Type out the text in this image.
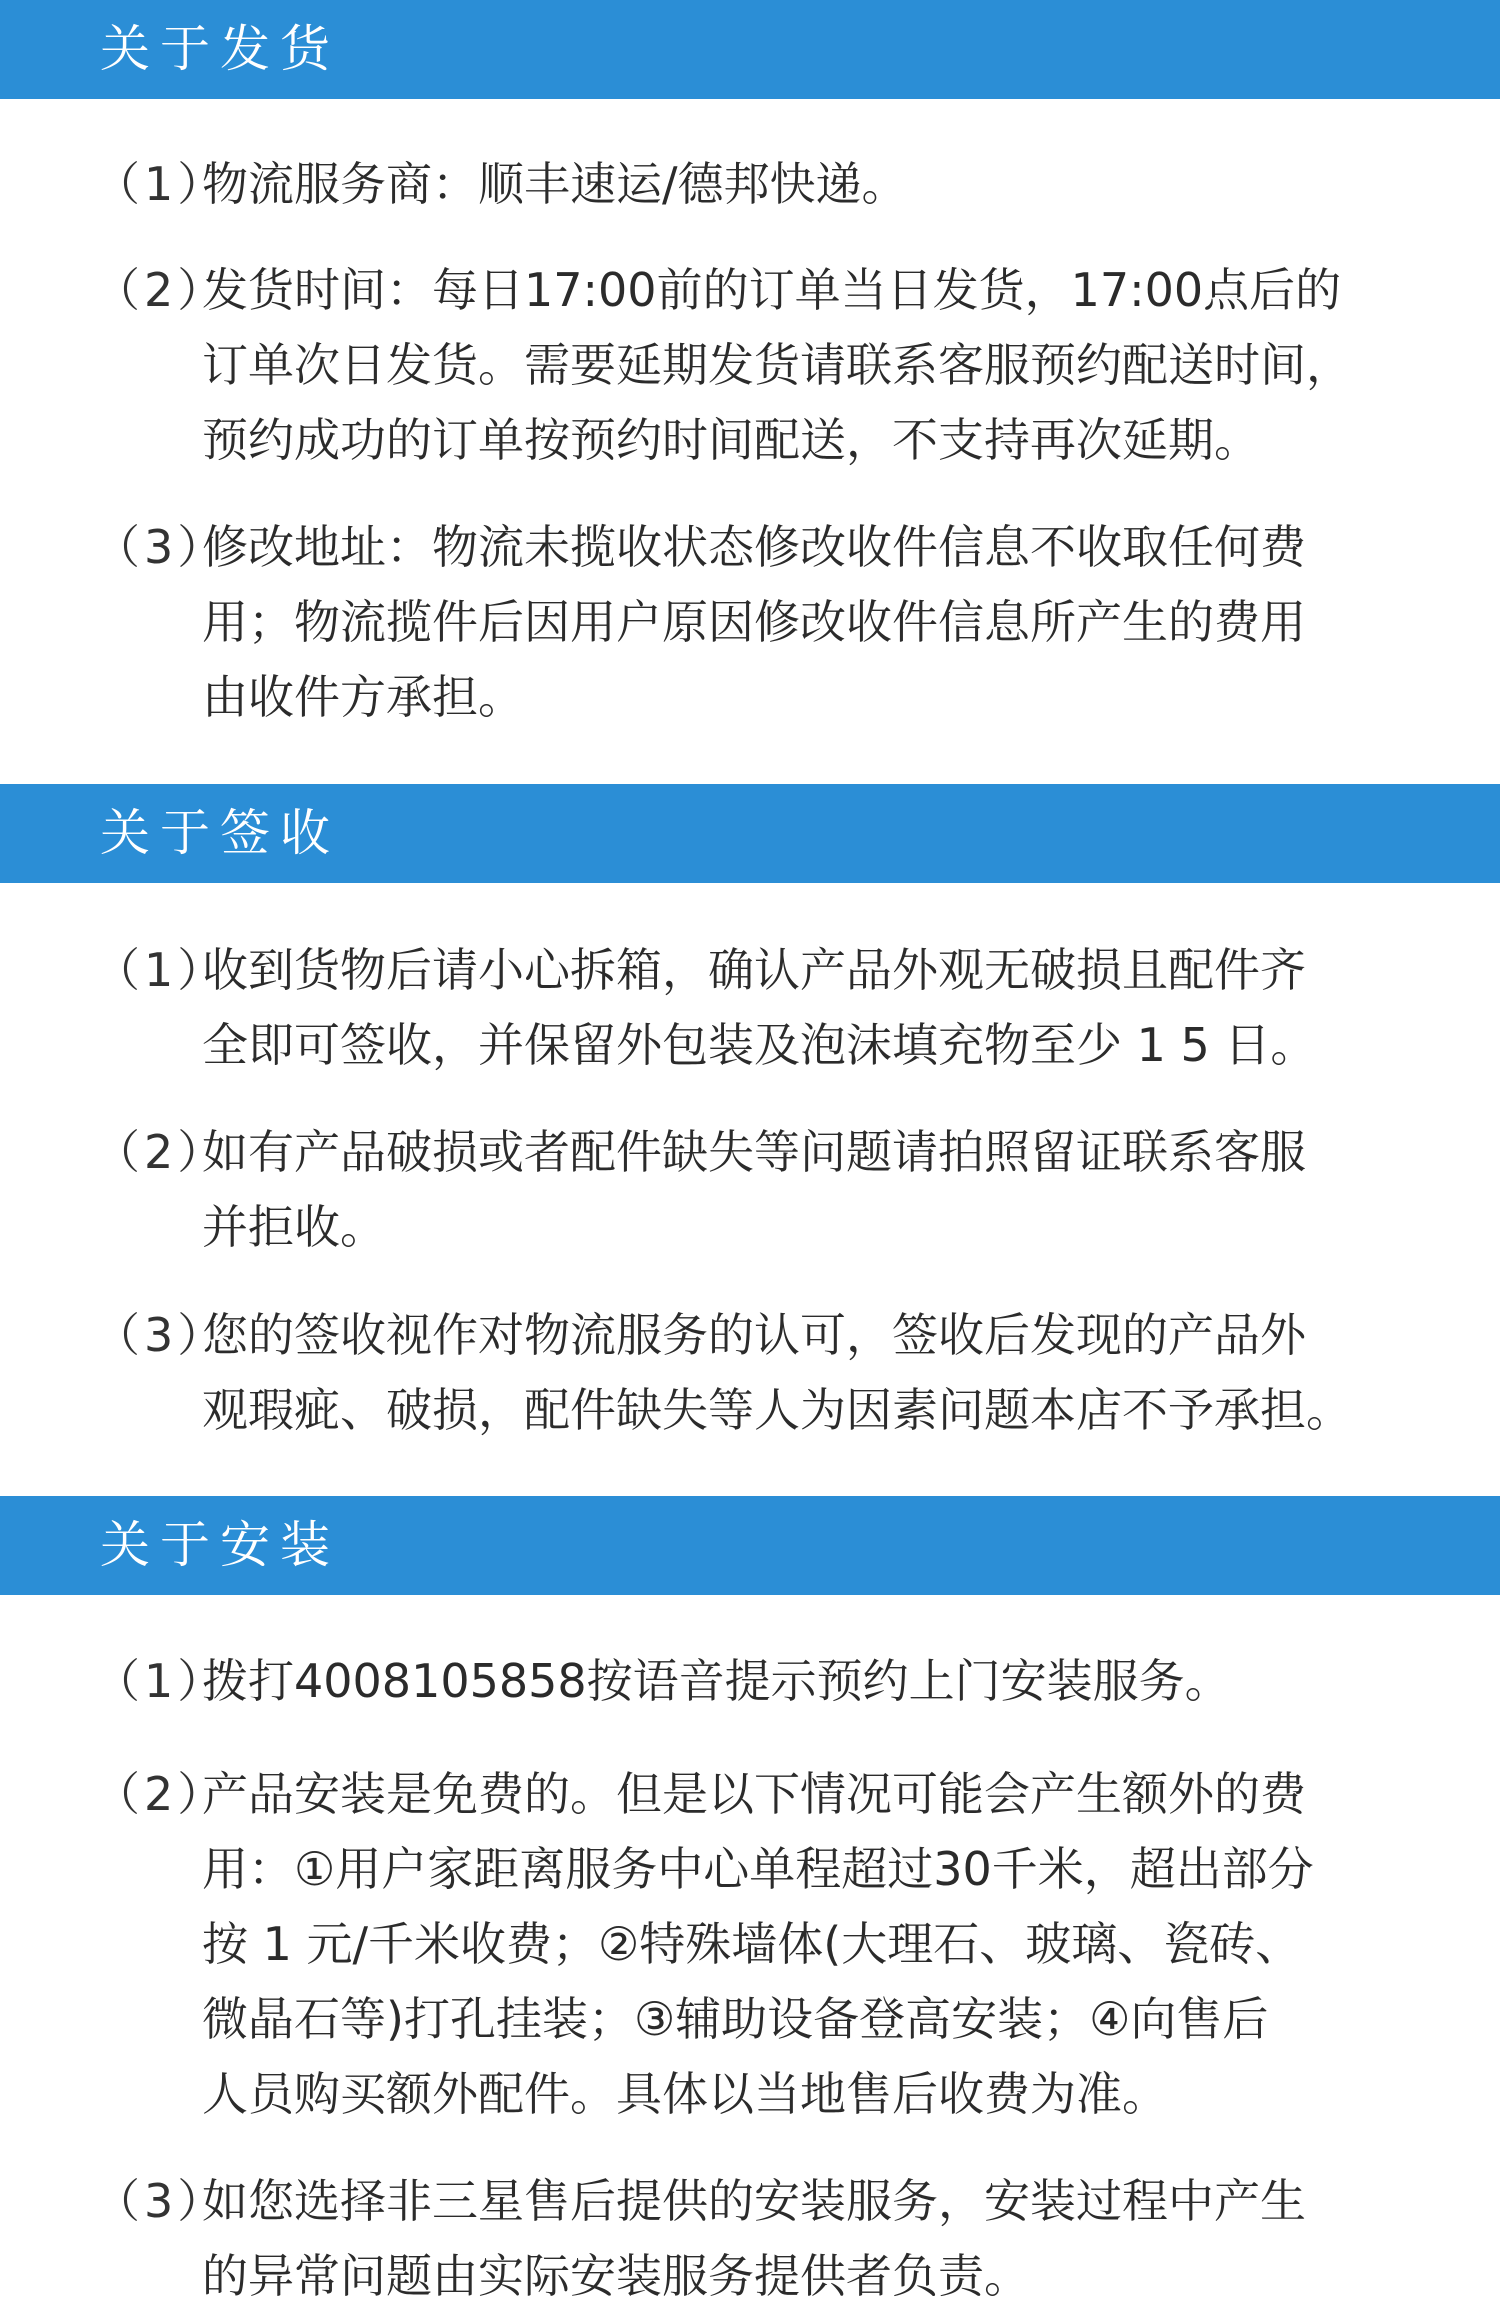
关于发货
（1）
物流服务商：顺丰速运/德邦快递。
（2）
发货时间：每日17:00前的订单当日发货，17:00点后的
订单次日发货。需要延期发货请联系客服预约配送时间，
预约成功的订单按预约时间配送，不支持再次延期。
（3）
修改地址：物流未揽收状态修改收件信息不收取任何费
用；物流揽件后因用户原因修改收件信息所产生的费用
由收件方承担。
关于签收
（1）
收到货物后请小心拆箱，确认产品外观无破损且配件齐
全即可签收，并保留外包装及泡沫填充物至少 1 5 日。
（2）
如有产品破损或者配件缺失等问题请拍照留证联系客服
并拒收。
（3）
您的签收视作对物流服务的认可，签收后发现的产品外
观瑕疵、破损，配件缺失等人为因素问题本店不予承担。
关于安装
（1）
拨打4008105858按语音提示预约上门安装服务。
（2）
产品安装是免费的。但是以下情况可能会产生额外的费
用：①用户家距离服务中心单程超过30千米，超出部分
按 1 元/千米收费；②特殊墙体(大理石、玻璃、瓷砖、
微晶石等)打孔挂装；③辅助设备登高安装；④向售后
人员购买额外配件。具体以当地售后收费为准。
（3）
如您选择非三星售后提供的安装服务，安装过程中产生
的异常问题由实际安装服务提供者负责。
